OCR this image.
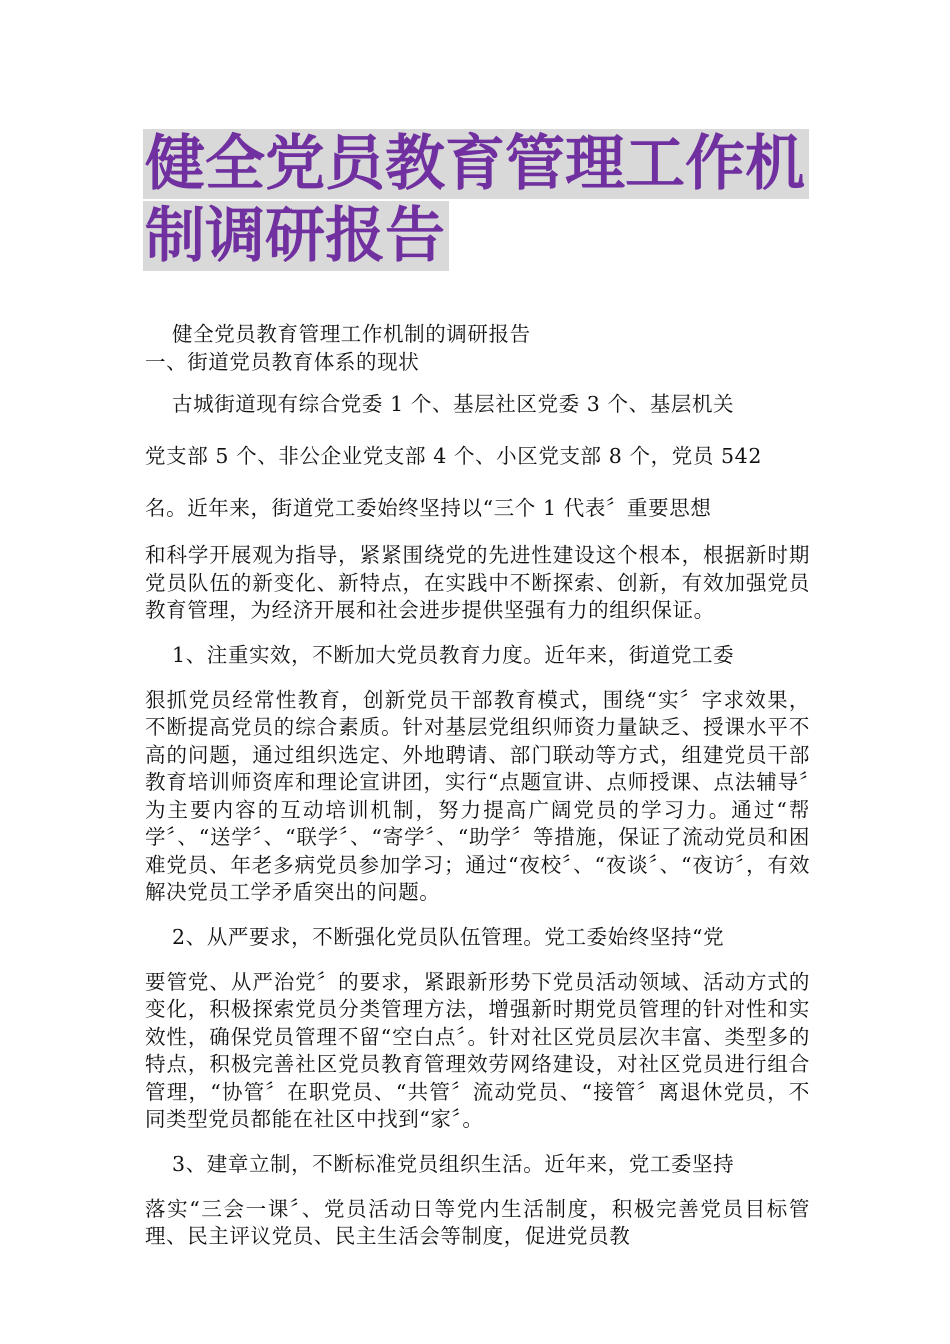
健全党员教育管理工作机制调研报告

健全党员教育管理工作机制的调研报告

一、街道党员教育体系的现状

古城街道现有综合党委 1 个、基层社区党委 3 个、基层机关

党支部 5 个、非公企业党支部 4 个、小区党支部 8 个，党员 542

名。近年来，街道党工委始终坚持以“三个 1 代表〞重要思想

和科学开展观为指导，紧紧围绕党的先进性建设这个根本，根据新时期党员队伍的新变化、新特点，在实践中不断探索、创新，有效加强党员教育管理，为经济开展和社会进步提供坚强有力的组织保证。

1、注重实效，不断加大党员教育力度。近年来，街道党工委

狠抓党员经常性教育，创新党员干部教育模式，围绕“实〞字求效果，不断提高党员的综合素质。针对基层党组织师资力量缺乏、授课水平不高的问题，通过组织选定、外地聘请、部门联动等方式，组建党员干部教育培训师资库和理论宣讲团，实行“点题宣讲、点师授课、点法辅导〞为主要内容的互动培训机制，努力提高广阔党员的学习力。通过“帮学〞、“送学〞、“联学〞、“寄学〞、“助学〞等措施，保证了流动党员和困难党员、年老多病党员参加学习；通过“夜校〞、“夜谈〞、“夜访〞，有效解决党员工学矛盾突出的问题。

2、从严要求，不断强化党员队伍管理。党工委始终坚持“党

要管党、从严治党〞的要求，紧跟新形势下党员活动领域、活动方式的变化，积极探索党员分类管理方法，增强新时期党员管理的针对性和实效性，确保党员管理不留“空白点〞。针对社区党员层次丰富、类型多的特点，积极完善社区党员教育管理效劳网络建设，对社区党员进行组合管理，“协管〞在职党员、“共管〞流动党员、“接管〞离退休党员，不同类型党员都能在社区中找到“家〞。

3、建章立制，不断标准党员组织生活。近年来，党工委坚持

落实“三会一课〞、党员活动日等党内生活制度，积极完善党员目标管理、民主评议党员、民主生活会等制度，促进党员教
